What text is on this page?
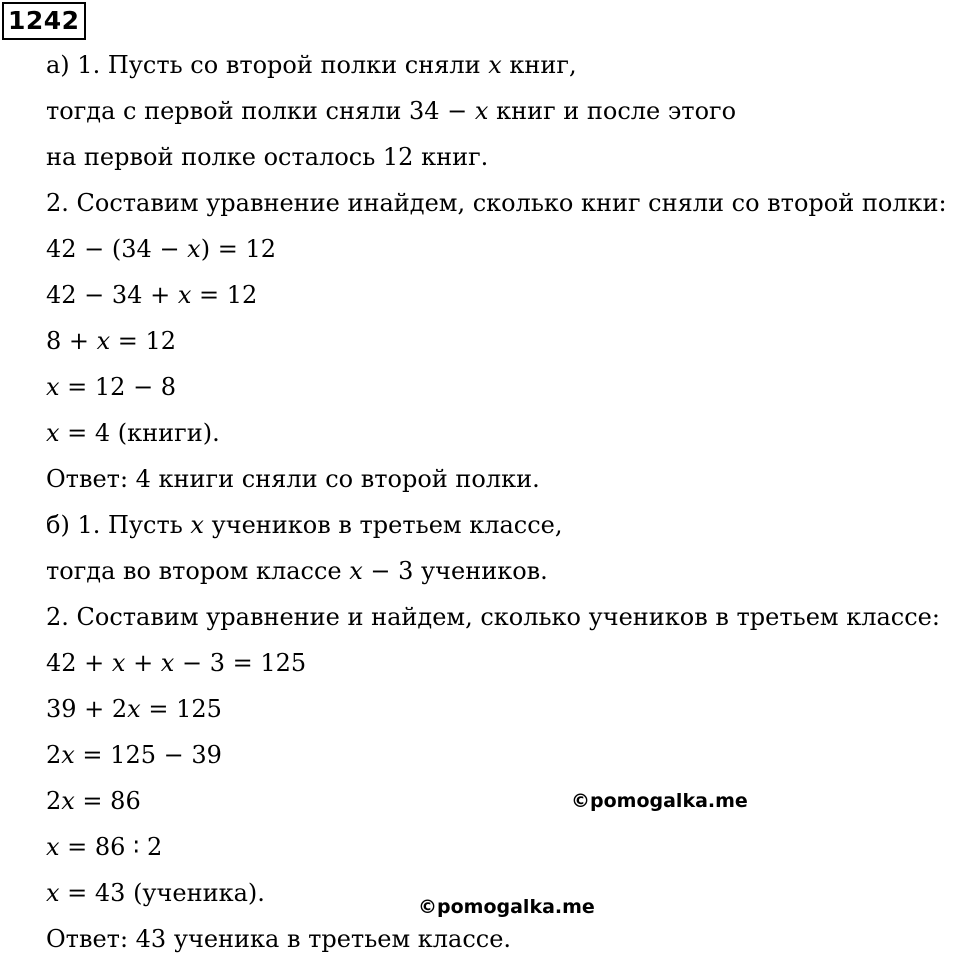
1242
а) 1. Пусть со второй полки сняли 𝑥 книг,
тогда с первой полки сняли 34 − 𝑥 книг и после этого
на первой полке осталось 12 книг.
2. Составим уравнение инайдем, сколько книг сняли со второй полки:
42 − (34 − 𝑥) = 12
42 − 34 + 𝑥 = 12
8 + 𝑥 = 12
𝑥 = 12 − 8
𝑥 = 4 (книги).
Ответ: 4 книги сняли со второй полки.
б) 1. Пусть 𝑥 учеников в третьем классе,
тогда во втором классе 𝑥 − 3 учеников.
2. Составим уравнение и найдем, сколько учеников в третьем классе:
42 + 𝑥 + 𝑥 − 3 = 125
39 + 2𝑥 = 125
2𝑥 = 125 − 39
2𝑥 = 86
𝑥 = 86 ∶ 2
𝑥 = 43 (ученика).
Ответ: 43 ученика в третьем классе.
©pomogalka.me
©pomogalka.me
